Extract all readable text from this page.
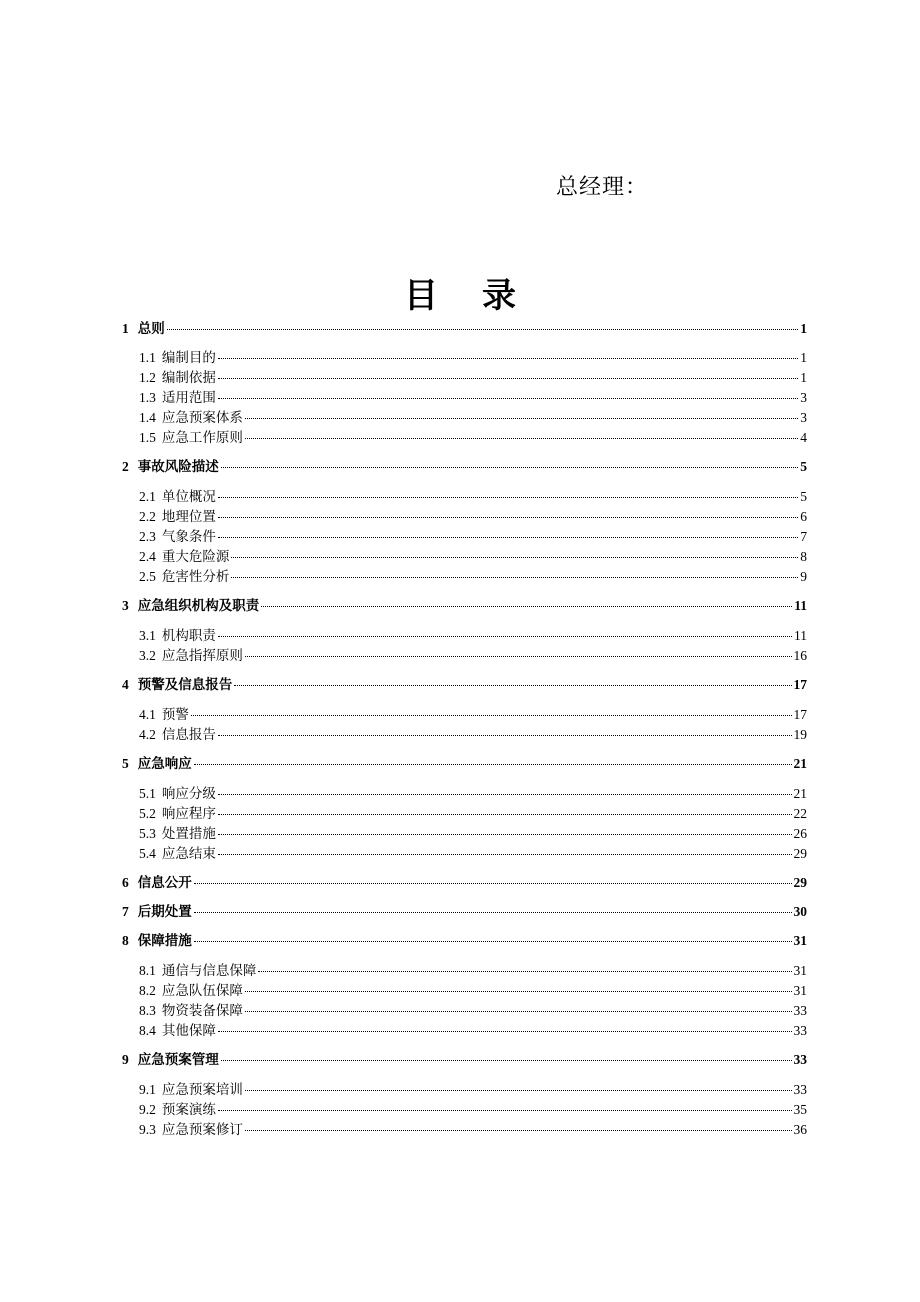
总经理：
目录
1 总则	1
1.1 编制目的	1
1.2 编制依据	1
1.3 适用范围	3
1.4 应急预案体系	3
1.5 应急工作原则	4
2 事故风险描述	5
2.1 单位概况	5
2.2 地理位置	6
2.3 气象条件	7
2.4 重大危险源	8
2.5 危害性分析	9
3 应急组织机构及职责	11
3.1 机构职责	11
3.2 应急指挥原则	16
4 预警及信息报告	17
4.1 预警	17
4.2 信息报告	19
5 应急响应	21
5.1 响应分级	21
5.2 响应程序	22
5.3 处置措施	26
5.4 应急结束	29
6 信息公开	29
7 后期处置	30
8 保障措施	31
8.1 通信与信息保障	31
8.2 应急队伍保障	31
8.3 物资装备保障	33
8.4 其他保障	33
9 应急预案管理	33
9.1 应急预案培训	33
9.2 预案演练	35
9.3 应急预案修订	36
